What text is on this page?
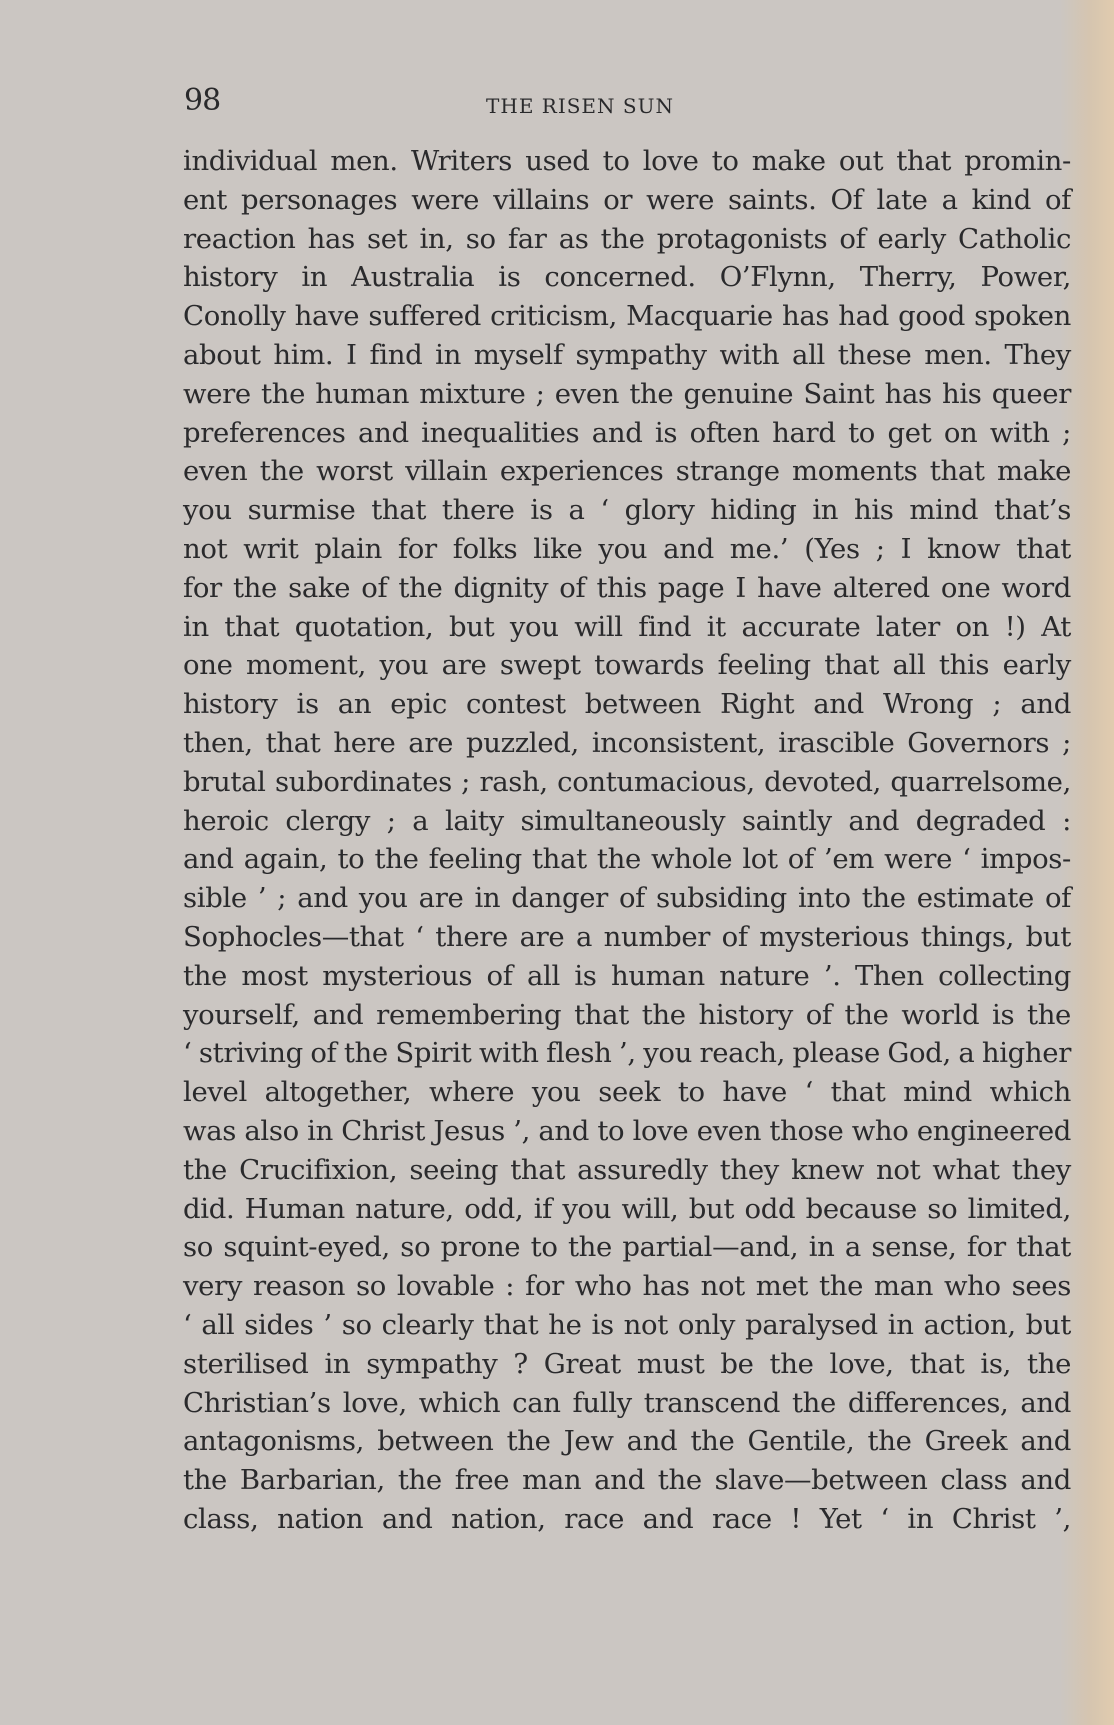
98	THE RISEN SUN
individual men. Writers used to love to make out that promin-
ent personages were villains or were saints. Of late a kind of
reaction has set in, so far as the protagonists of early Catholic
history in Australia is concerned. O’Flynn, Therry, Power,
Conolly have suffered criticism, Macquarie has had good spoken
about him. I find in myself sympathy with all these men. They
were the human mixture ; even the genuine Saint has his queer
preferences and inequalities and is often hard to get on with ;
even the worst villain experiences strange moments that make
you surmise that there is a ‘ glory hiding in his mind that’s
not writ plain for folks like you and me.’ (Yes ; I know that
for the sake of the dignity of this page I have altered one word
in that quotation, but you will find it accurate later on !) At
one moment, you are swept towards feeling that all this early
history is an epic contest between Right and Wrong ; and
then, that here are puzzled, inconsistent, irascible Governors ;
brutal subordinates ; rash, contumacious, devoted, quarrelsome,
heroic clergy ; a laity simultaneously saintly and degraded :
and again, to the feeling that the whole lot of ’em were ‘ impos-
sible ’ ; and you are in danger of subsiding into the estimate of
Sophocles—that ‘ there are a number of mysterious things, but
the most mysterious of all is human nature ’. Then collecting
yourself, and remembering that the history of the world is the
‘ striving of the Spirit with flesh ’, you reach, please God, a higher
level altogether, where you seek to have ‘ that mind which
was also in Christ Jesus ’, and to love even those who engineered
the Crucifixion, seeing that assuredly they knew not what they
did. Human nature, odd, if you will, but odd because so limited,
so squint-eyed, so prone to the partial—and, in a sense, for that
very reason so lovable : for who has not met the man who sees
‘ all sides ’ so clearly that he is not only paralysed in action, but
sterilised in sympathy ? Great must be the love, that is, the
Christian’s love, which can fully transcend the differences, and
antagonisms, between the Jew and the Gentile, the Greek and
the Barbarian, the free man and the slave—between class and
class, nation and nation, race and race ! Yet ‘ in Christ ’,
